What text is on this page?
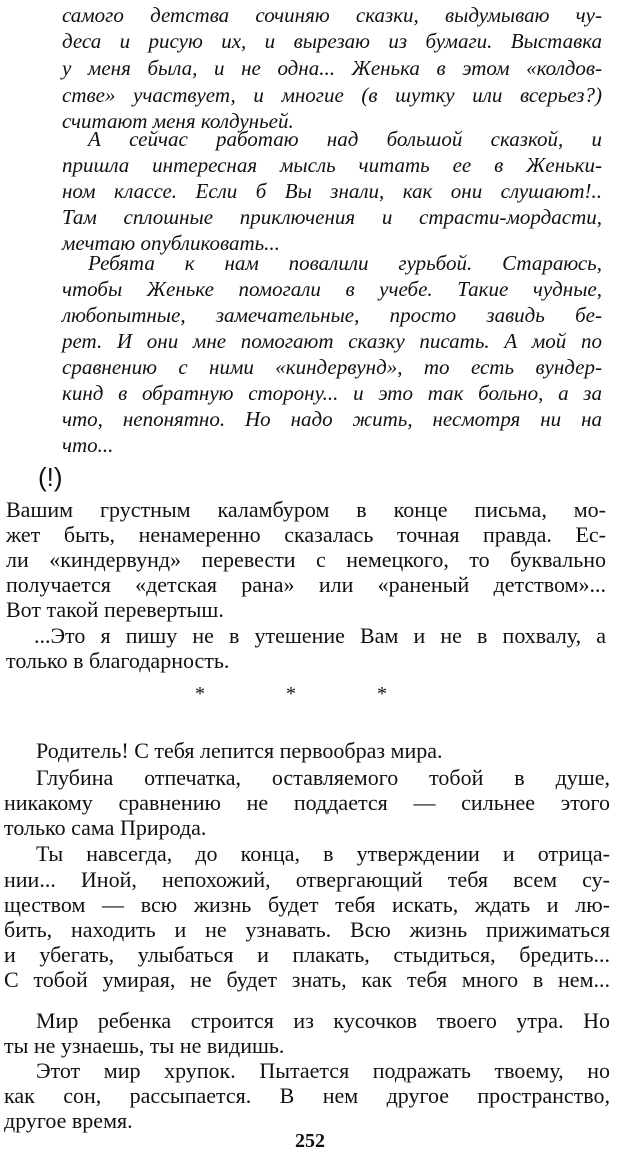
самого детства сочиняю сказки, выдумываю чу-
деса и рисую их, и вырезаю из бумаги. Выставка
у меня была, и не одна... Женька в этом «колдов-
стве» участвует, и многие (в шутку или всерьез?)
считают меня колдуньей.
А сейчас работаю над большой сказкой, и
пришла интересная мысль читать ее в Женьки-
ном классе. Если б Вы знали, как они слушают!..
Там сплошные приключения и страсти-мордасти,
мечтаю опубликовать...
Ребята к нам повалили гурьбой. Стараюсь,
чтобы Женьке помогали в учебе. Такие чудные,
любопытные, замечательные, просто завидь бе-
рет. И они мне помогают сказку писать. А мой по
сравнению с ними «киндервунд», то есть вундер-
кинд в обратную сторону... и это так больно, а за
что, непонятно. Но надо жить, несмотря ни на
что...
(!)
Вашим грустным каламбуром в конце письма, мо-
жет быть, ненамеренно сказалась точная правда. Ес-
ли «киндервунд» перевести с немецкого, то буквально
получается «детская рана» или «раненый детством»...
Вот такой перевертыш.
...Это я пишу не в утешение Вам и не в похвалу, а
только в благодарность.
* * *
Родитель! С тебя лепится первообраз мира.
Глубина отпечатка, оставляемого тобой в душе,
никакому сравнению не поддается — сильнее этого
только сама Природа.
Ты навсегда, до конца, в утверждении и отрица-
нии... Иной, непохожий, отвергающий тебя всем су-
ществом — всю жизнь будет тебя искать, ждать и лю-
бить, находить и не узнавать. Всю жизнь прижиматься
и убегать, улыбаться и плакать, стыдиться, бредить...
С тобой умирая, не будет знать, как тебя много в нем...
Мир ребенка строится из кусочков твоего утра. Но
ты не узнаешь, ты не видишь.
Этот мир хрупок. Пытается подражать твоему, но
как сон, рассыпается. В нем другое пространство,
другое время.
252
